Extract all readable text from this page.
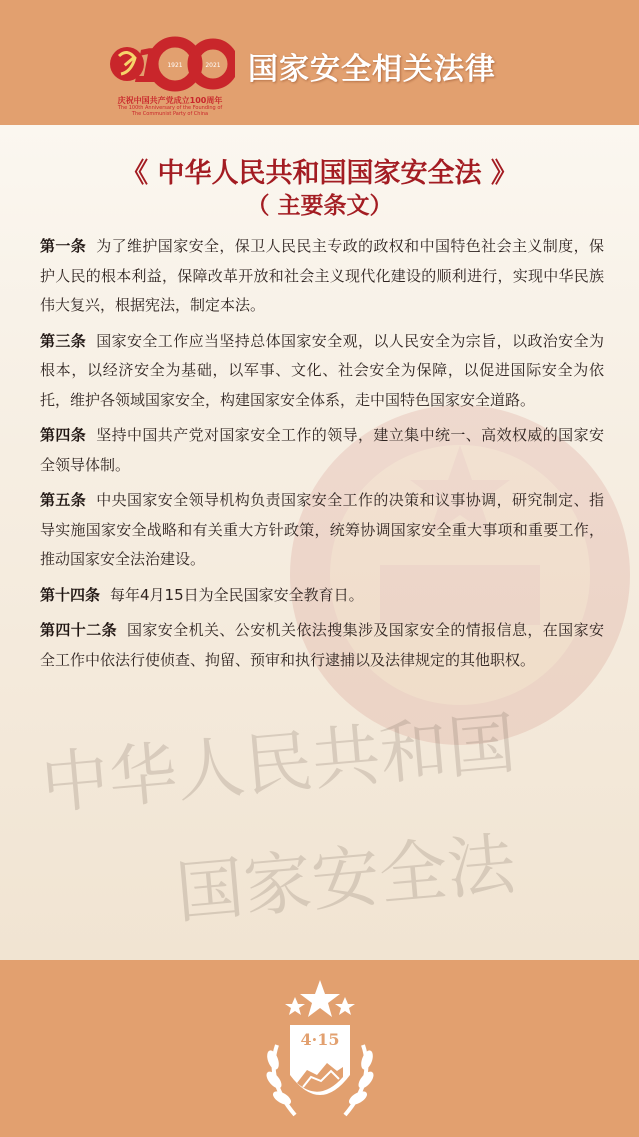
1 1921	2021
庆祝中国共产党成立100周年
The 100th Anniversary of the Founding of
The Communist Party of China
国家安全相关法律
中华人民共和国
国家安全法
《 中华人民共和国国家安全法 》
（ 主要条文）

第一条 为了维护国家安全，保卫人民民主专政的政权和中国特色社会主义制度，保护人民的根本利益，保障改革开放和社会主义现代化建设的顺利进行，实现中华民族伟大复兴，根据宪法，制定本法。

第三条 国家安全工作应当坚持总体国家安全观，以人民安全为宗旨，以政治安全为根本，以经济安全为基础，以军事、文化、社会安全为保障，以促进国际安全为依托，维护各领域国家安全，构建国家安全体系，走中国特色国家安全道路。

第四条 坚持中国共产党对国家安全工作的领导，建立集中统一、高效权威的国家安全领导体制。

第五条 中央国家安全领导机构负责国家安全工作的决策和议事协调，研究制定、指导实施国家安全战略和有关重大方针政策，统筹协调国家安全重大事项和重要工作，推动国家安全法治建设。

第十四条 每年4月15日为全民国家安全教育日。

第四十二条 国家安全机关、公安机关依法搜集涉及国家安全的情报信息，在国家安全工作中依法行使侦查、拘留、预审和执行逮捕以及法律规定的其他职权。

4·15
